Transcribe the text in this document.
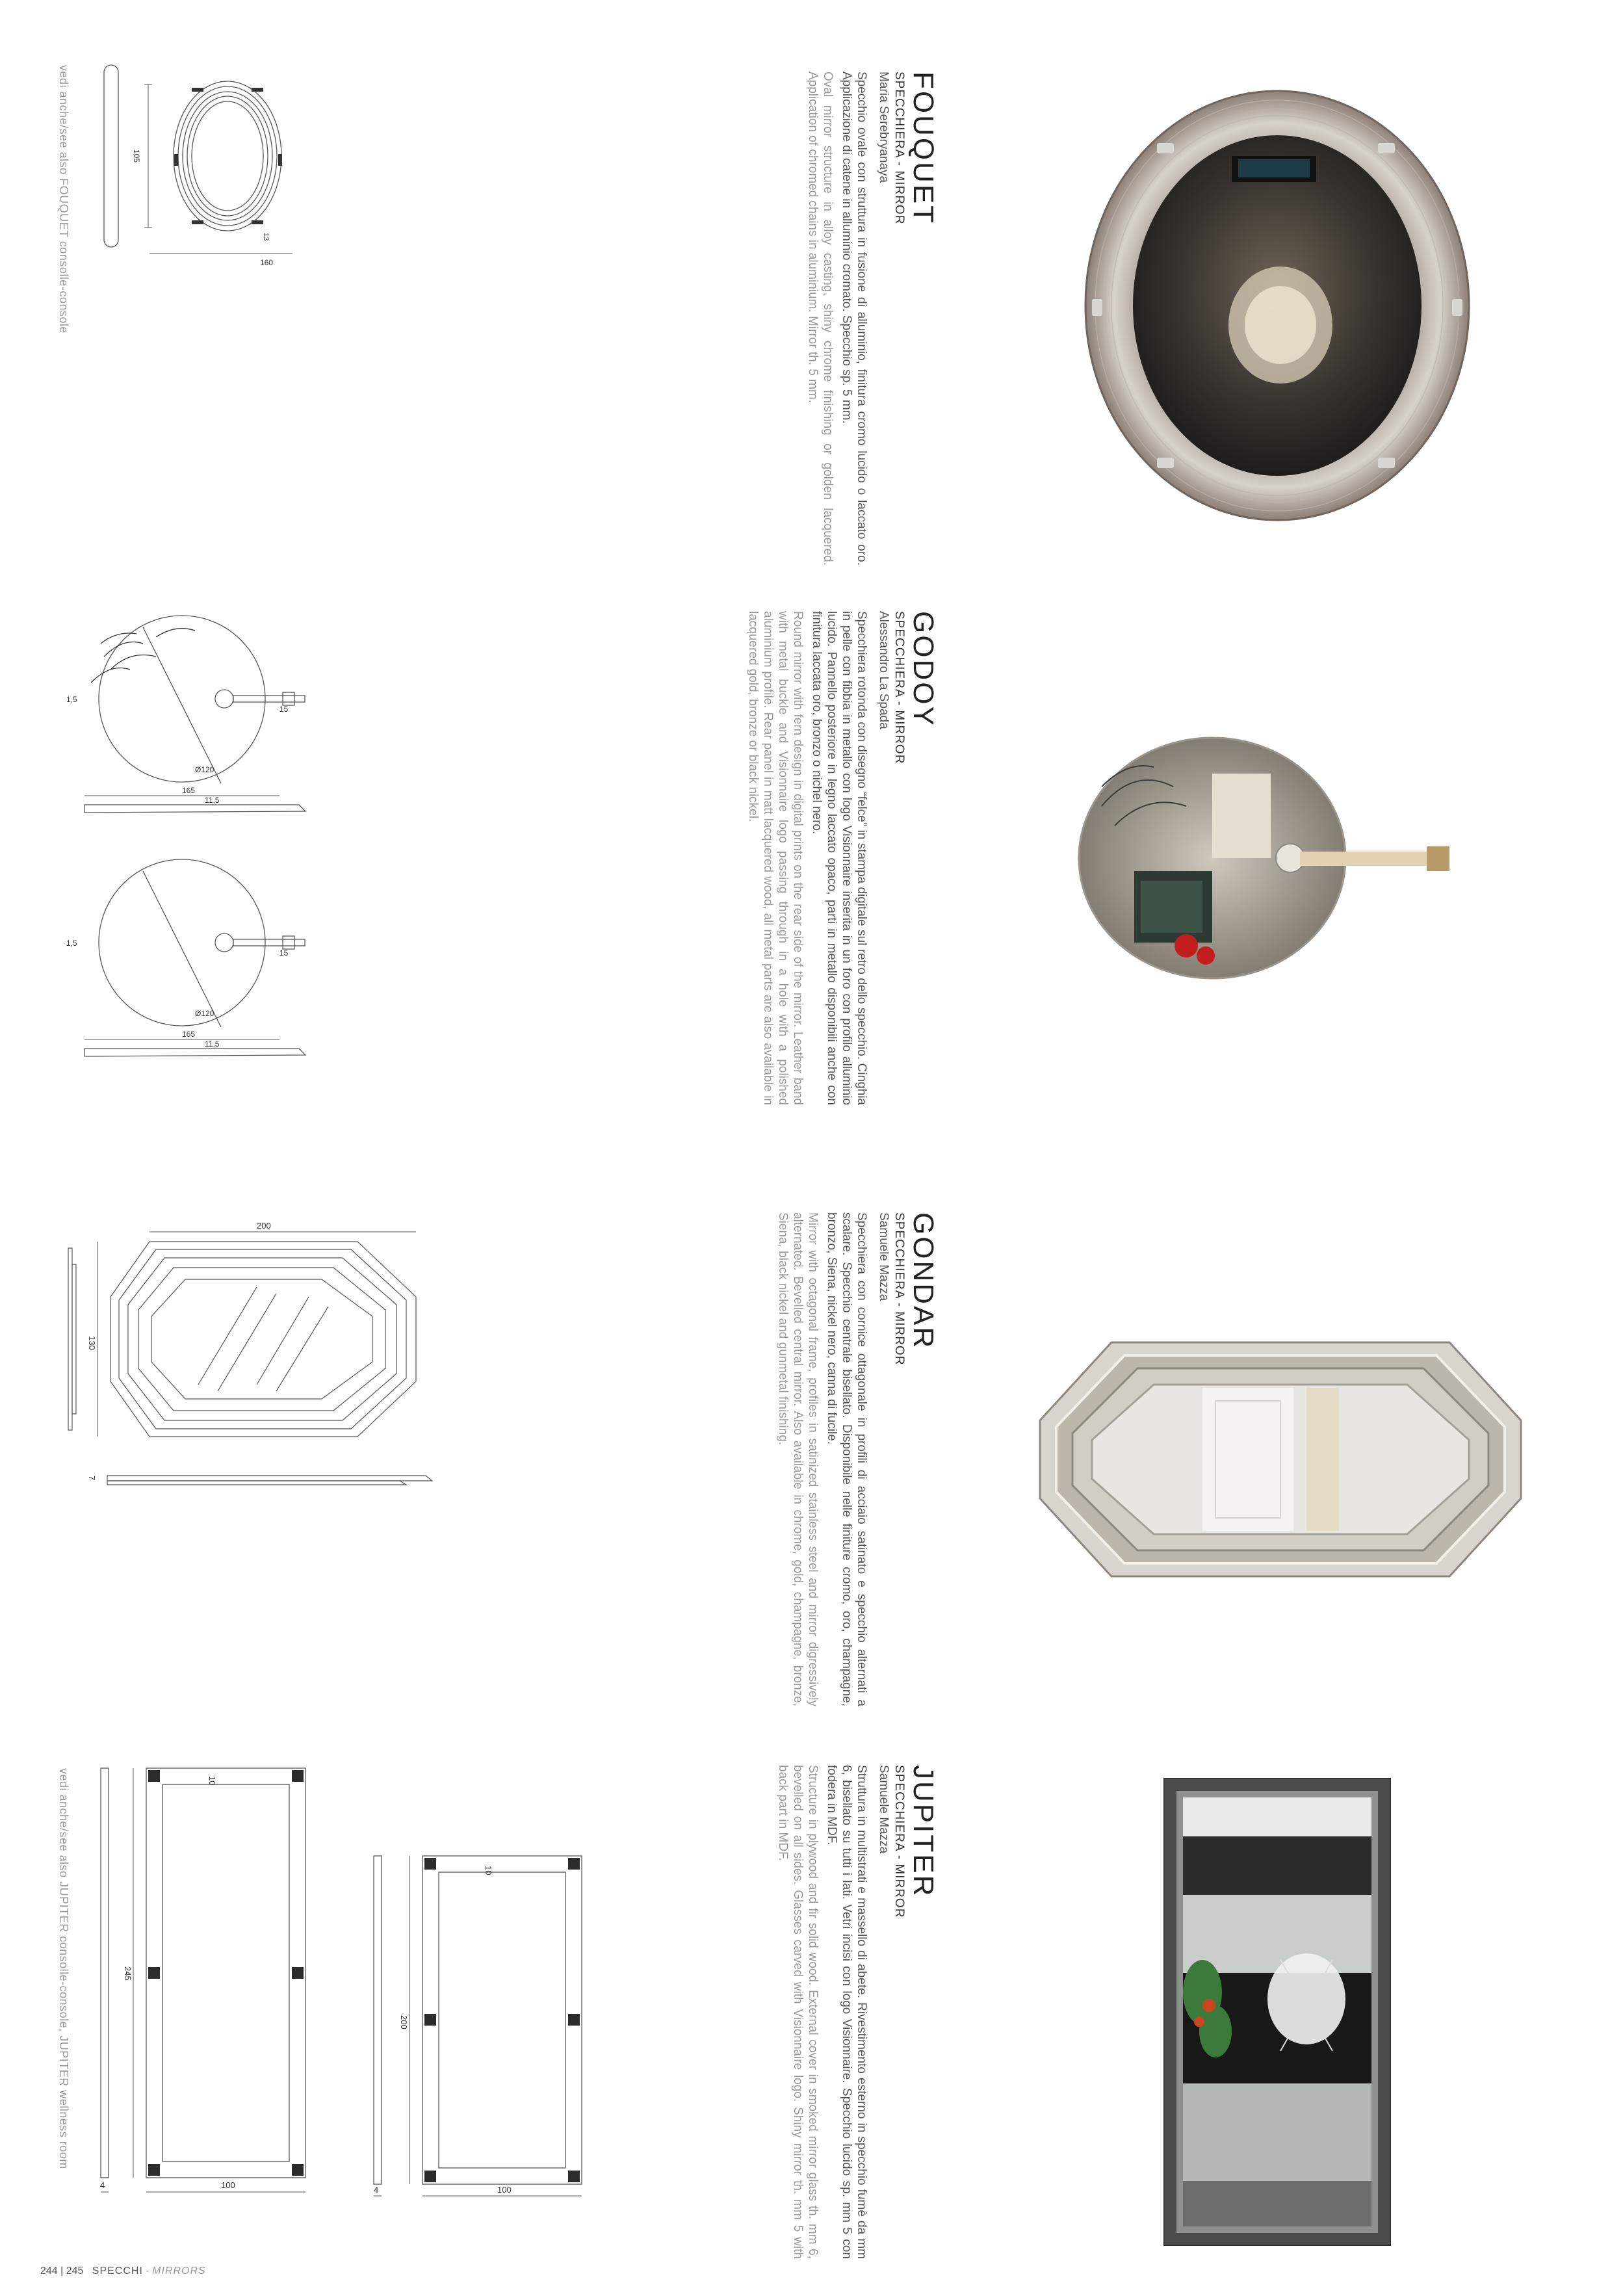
FOUQUET
SPECCHIERA - MIRROR
Maria Serebryanaya
Specchio ovale con struttura in fusione di alluminio, finitura cromo lucido o laccato oro. Applicazione di catene in alluminio cromato. Specchio sp. 5 mm.
Oval mirror structure in alloy casting, shiny chrome finishing or golden lacquered. Application of chromed chains in aluminium. Mirror th. 5 mm.
105
160
13
vedi anche/see also FOUQUET consolle-console
GODOY
SPECCHIERA - MIRROR
Alessandro La Spada
Specchiera rotonda con disegno “felce” in stampa digitale sul retro dello specchio. Cinghia in pelle con fibbia in metallo con logo Visionnaire inserita in un foro con profilo alluminio lucido. Pannello posteriore in legno laccato opaco, parti in metallo disponibili anche con finitura laccata oro, bronzo o nichel nero.
Round mirror with fern design in digital prints on the rear side of the mirror. Leather band with metal buckle and Visionnaire logo passing through in a hole with a polished aluminium profile. Rear panel in matt lacquered wood, all metal parts are also available in lacquered gold, bronze or black nickel.
165
11,5
Ø120
1,5
15
165
11,5
Ø120
1,5
15
GONDAR
SPECCHIERA - MIRROR
Samuele Mazza
Specchiera con cornice ottagonale in profili di acciaio satinato e specchio alternati a scalare. Specchio centrale bisellato. Disponibile nelle finiture cromo, oro, champagne, bronzo, Siena, nickel nero, canna di fucile.
Mirror with octagonal frame, profiles in satinized stainless steel and mirror digressively alternated. Bevelled central mirror. Also available in chrome, gold, champagne, bronze, Siena, black nickel and gunmetal finishing.
200
130
7
JUPITER
SPECCHIERA - MIRROR
Samuele Mazza
Struttura in multistrati e massello di abete. Rivestimento esterno in specchio fumè da mm 6, bisellato su tutti i lati. Vetri incisi con logo Visionnaire. Specchio lucido sp. mm 5 con fodera in MDF.
Structure in plywood and fir solid wood. External cover in smoked mirror glass th. mm 6, bevelled on all sides. Glasses carved with Visionnaire logo. Shiny mirror th. mm 5 with back part in MDF.
245
100
10
4
200
100
10
4
vedi anche/see also JUPITER consolle-console, JUPITER wellness room
244 | 245 SPECCHI - MIRRORS
